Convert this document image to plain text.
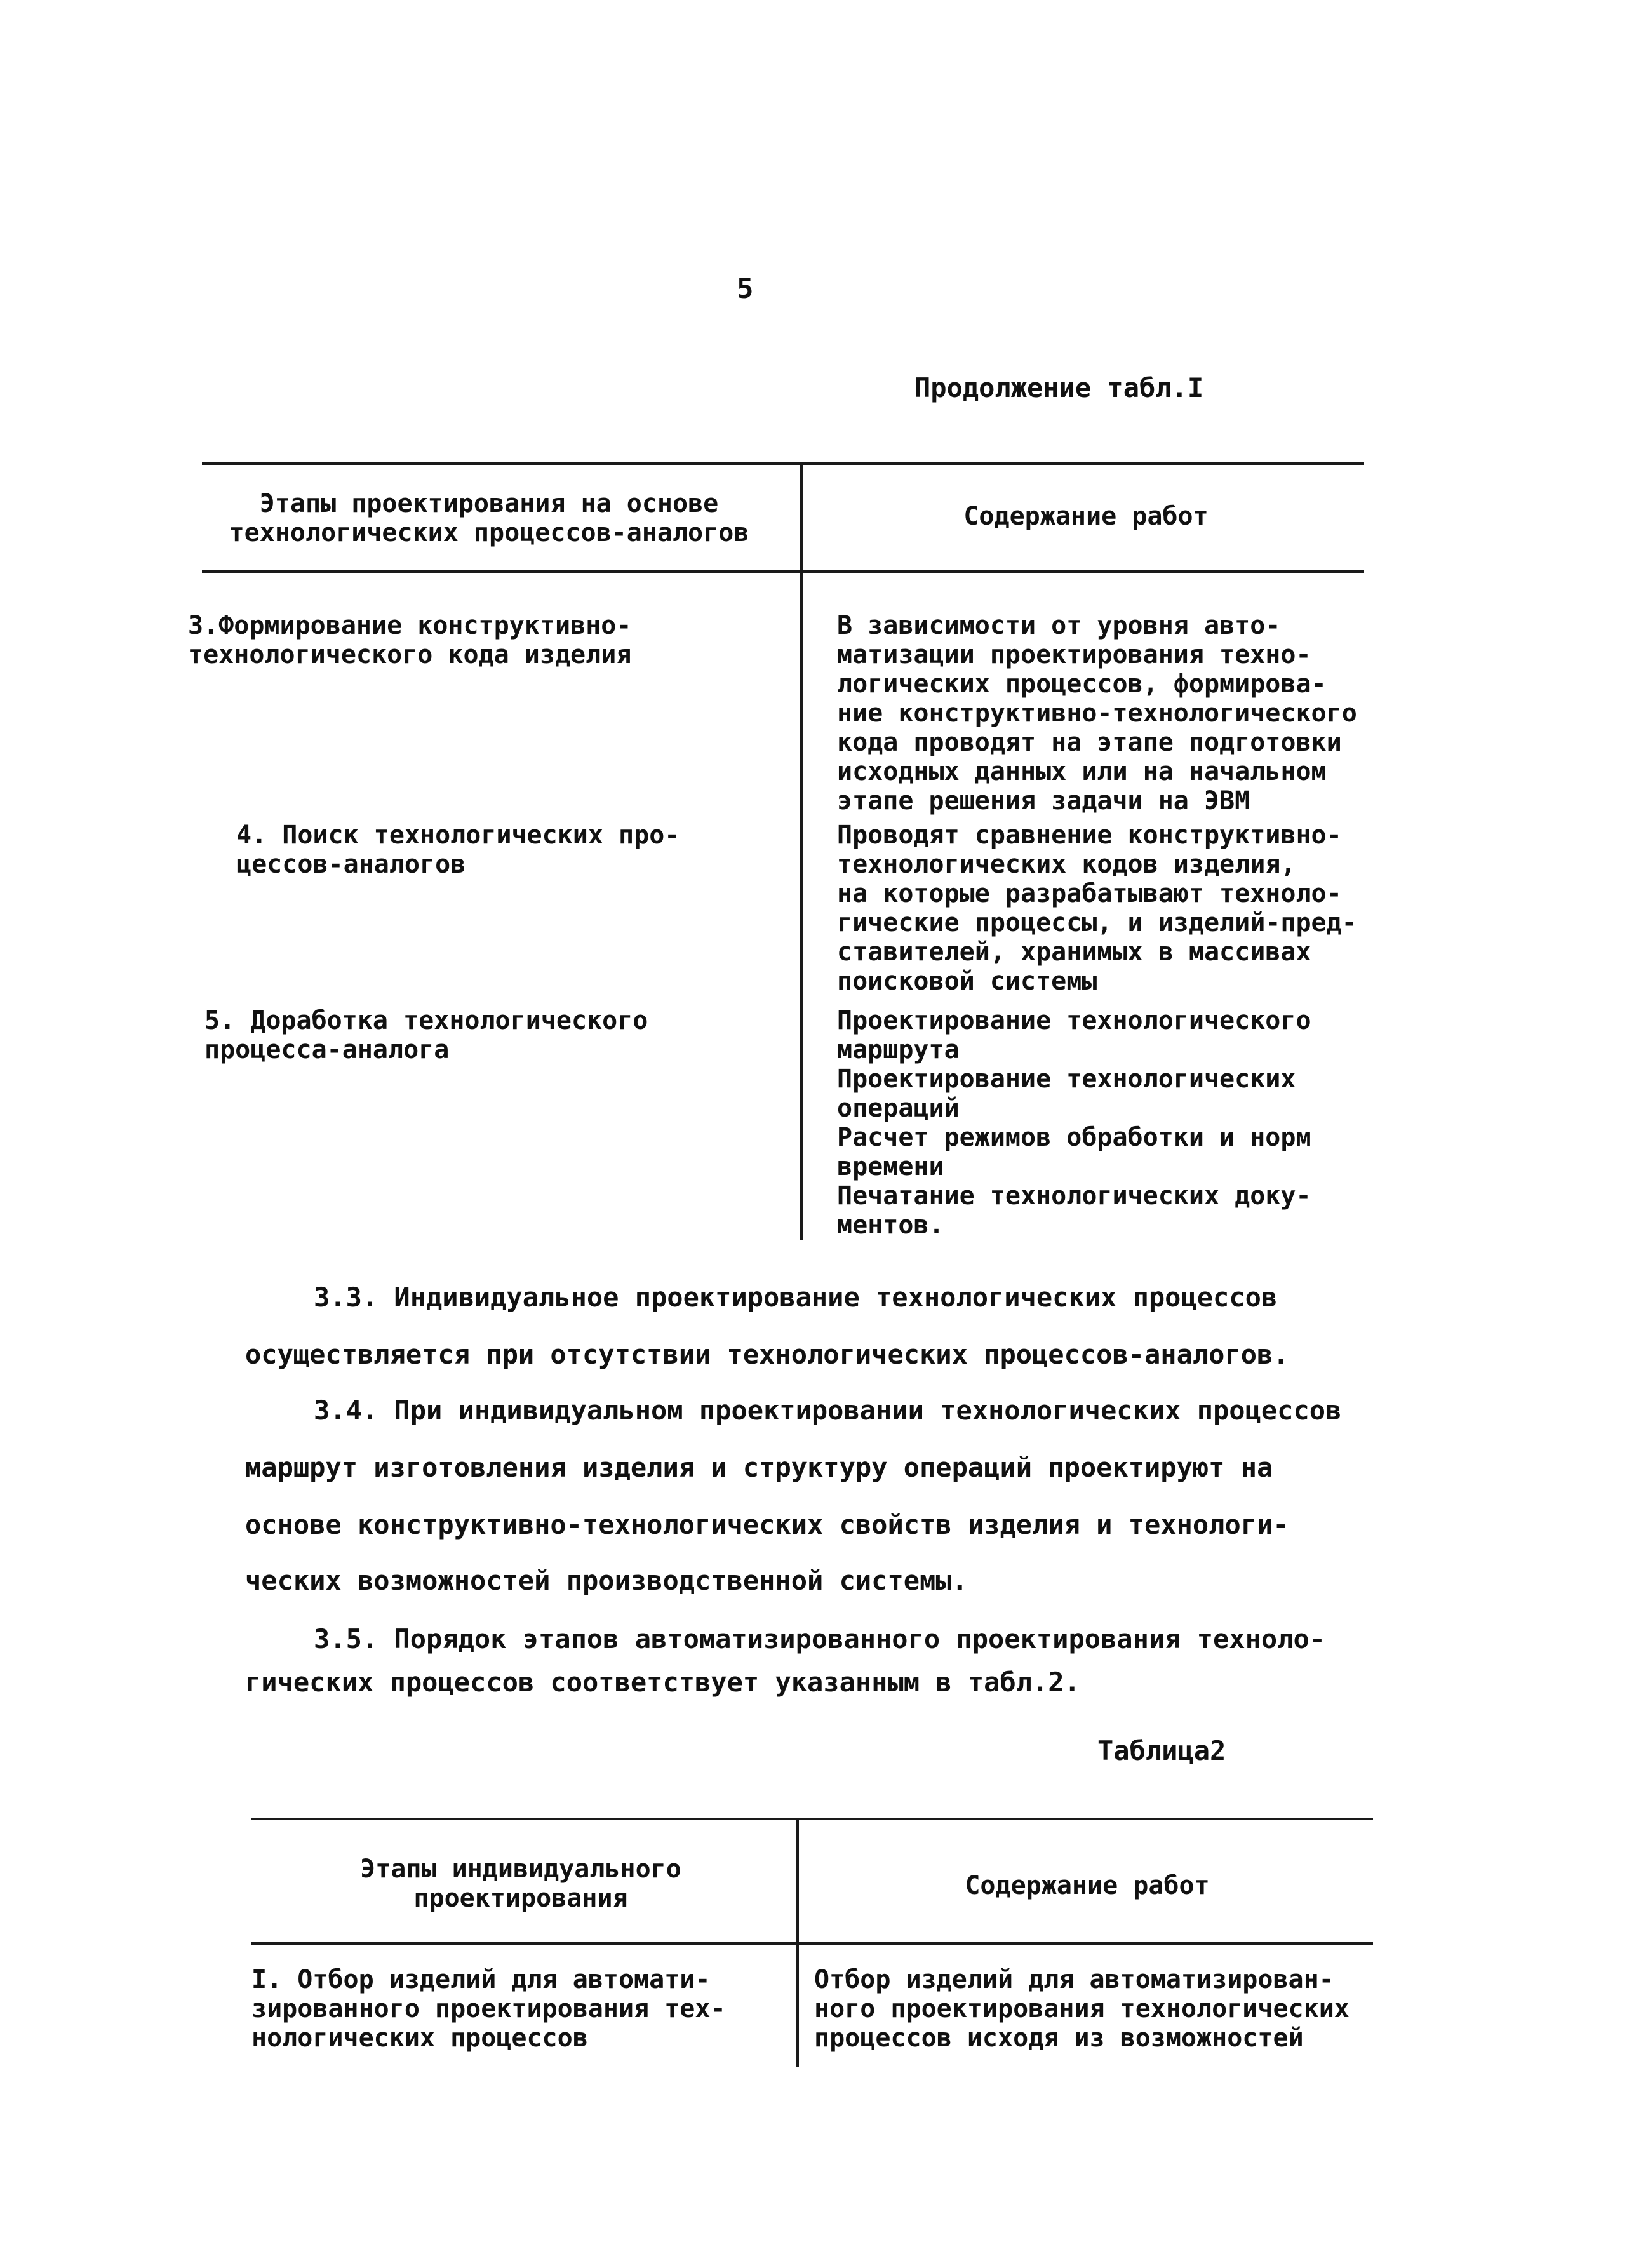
5
Продолжение табл.I
Этапы проектирования на основе
технологических процессов-аналогов
Содержание работ
3.Формирование конструктивно-
технологического кода изделия
В зависимости от уровня авто-
матизации проектирования техно-
логических процессов, формирова-
ние конструктивно-технологического
кода проводят на этапе подготовки
исходных данных или на начальном
этапе решения задачи на ЭВМ
4. Поиск технологических про-
цессов-аналогов
Проводят сравнение конструктивно-
технологических кодов изделия,
на которые разрабатывают техноло-
гические процессы, и изделий-пред-
ставителей, хранимых в массивах
поисковой системы
5. Доработка технологического
процесса-аналога
Проектирование технологического
маршрута
Проектирование технологических
операций
Расчет режимов обработки и норм
времени
Печатание технологических доку-
ментов.
3.3. Индивидуальное проектирование технологических процессов
осуществляется при отсутствии технологических процессов-аналогов.
3.4. При индивидуальном проектировании технологических процессов
маршрут изготовления изделия и структуру операций проектируют на
основе конструктивно-технологических свойств изделия и технологи-
ческих возможностей производственной системы.
3.5. Порядок этапов автоматизированного проектирования техноло-
гических процессов соответствует указанным в табл.2.
Таблица2
Этапы индивидуального
проектирования	Содержание работ
I. Отбор изделий для автомати-
зированного проектирования тех-
нологических процессов
Отбор изделий для автоматизирован-
ного проектирования технологических
процессов исходя из возможностей
